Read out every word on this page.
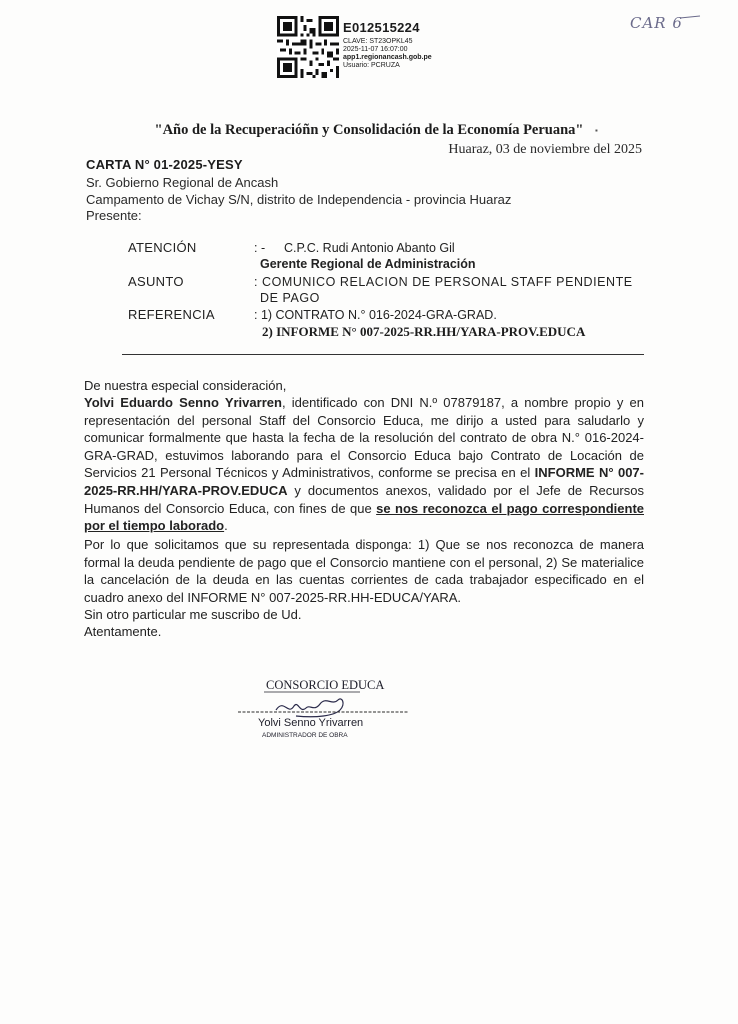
E012515224
CLAVE: ST23OPKL45
2025-11-07 16:07:00
app1.regionancash.gob.pe
Usuario: PCRUZA
CAR 6
"Año de la Recuperacióñn y Consolidación de la Economía Peruana"	▪
Huaraz, 03 de noviembre del 2025
CARTA N° 01-2025-YESY
Sr. Gobierno Regional de Ancash
Campamento de Vichay S/N, distrito de Independencia - provincia Huaraz
Presente:
ATENCIÓN	: - C.P.C. Rudi Antonio Abanto Gil
Gerente Regional de Administración
ASUNTO	: COMUNICO RELACION DE PERSONAL STAFF PENDIENTE
DE PAGO
REFERENCIA	: 1) CONTRATO N.° 016-2024-GRA-GRAD.
2) INFORME N° 007-2025-RR.HH/YARA-PROV.EDUCA
De nuestra especial consideración,
Yolvi Eduardo Senno Yrivarren, identificado con DNI N.º 07879187, a nombre propio y en representación del personal Staff del Consorcio Educa, me dirijo a usted para saludarlo y comunicar formalmente que hasta la fecha de la resolución del contrato de obra N.° 016-2024-GRA-GRAD, estuvimos laborando para el Consorcio Educa bajo Contrato de Locación de Servicios 21 Personal Técnicos y Administrativos, conforme se precisa en el INFORME N° 007-2025-RR.HH/YARA-PROV.EDUCA y documentos anexos, validado por el Jefe de Recursos Humanos del Consorcio Educa, con fines de que se nos reconozca el pago correspondiente por el tiempo laborado.
Por lo que solicitamos que su representada disponga: 1) Que se nos reconozca de manera formal la deuda pendiente de pago que el Consorcio mantiene con el personal, 2) Se materialice la cancelación de la deuda en las cuentas corrientes de cada trabajador especificado en el cuadro anexo del INFORME N° 007-2025-RR.HH-EDUCA/YARA.
Sin otro particular me suscribo de Ud.
Atentamente.
CONSORCIO EDUCA
Yolvi Senno Yrivarren
ADMINISTRADOR DE OBRA
